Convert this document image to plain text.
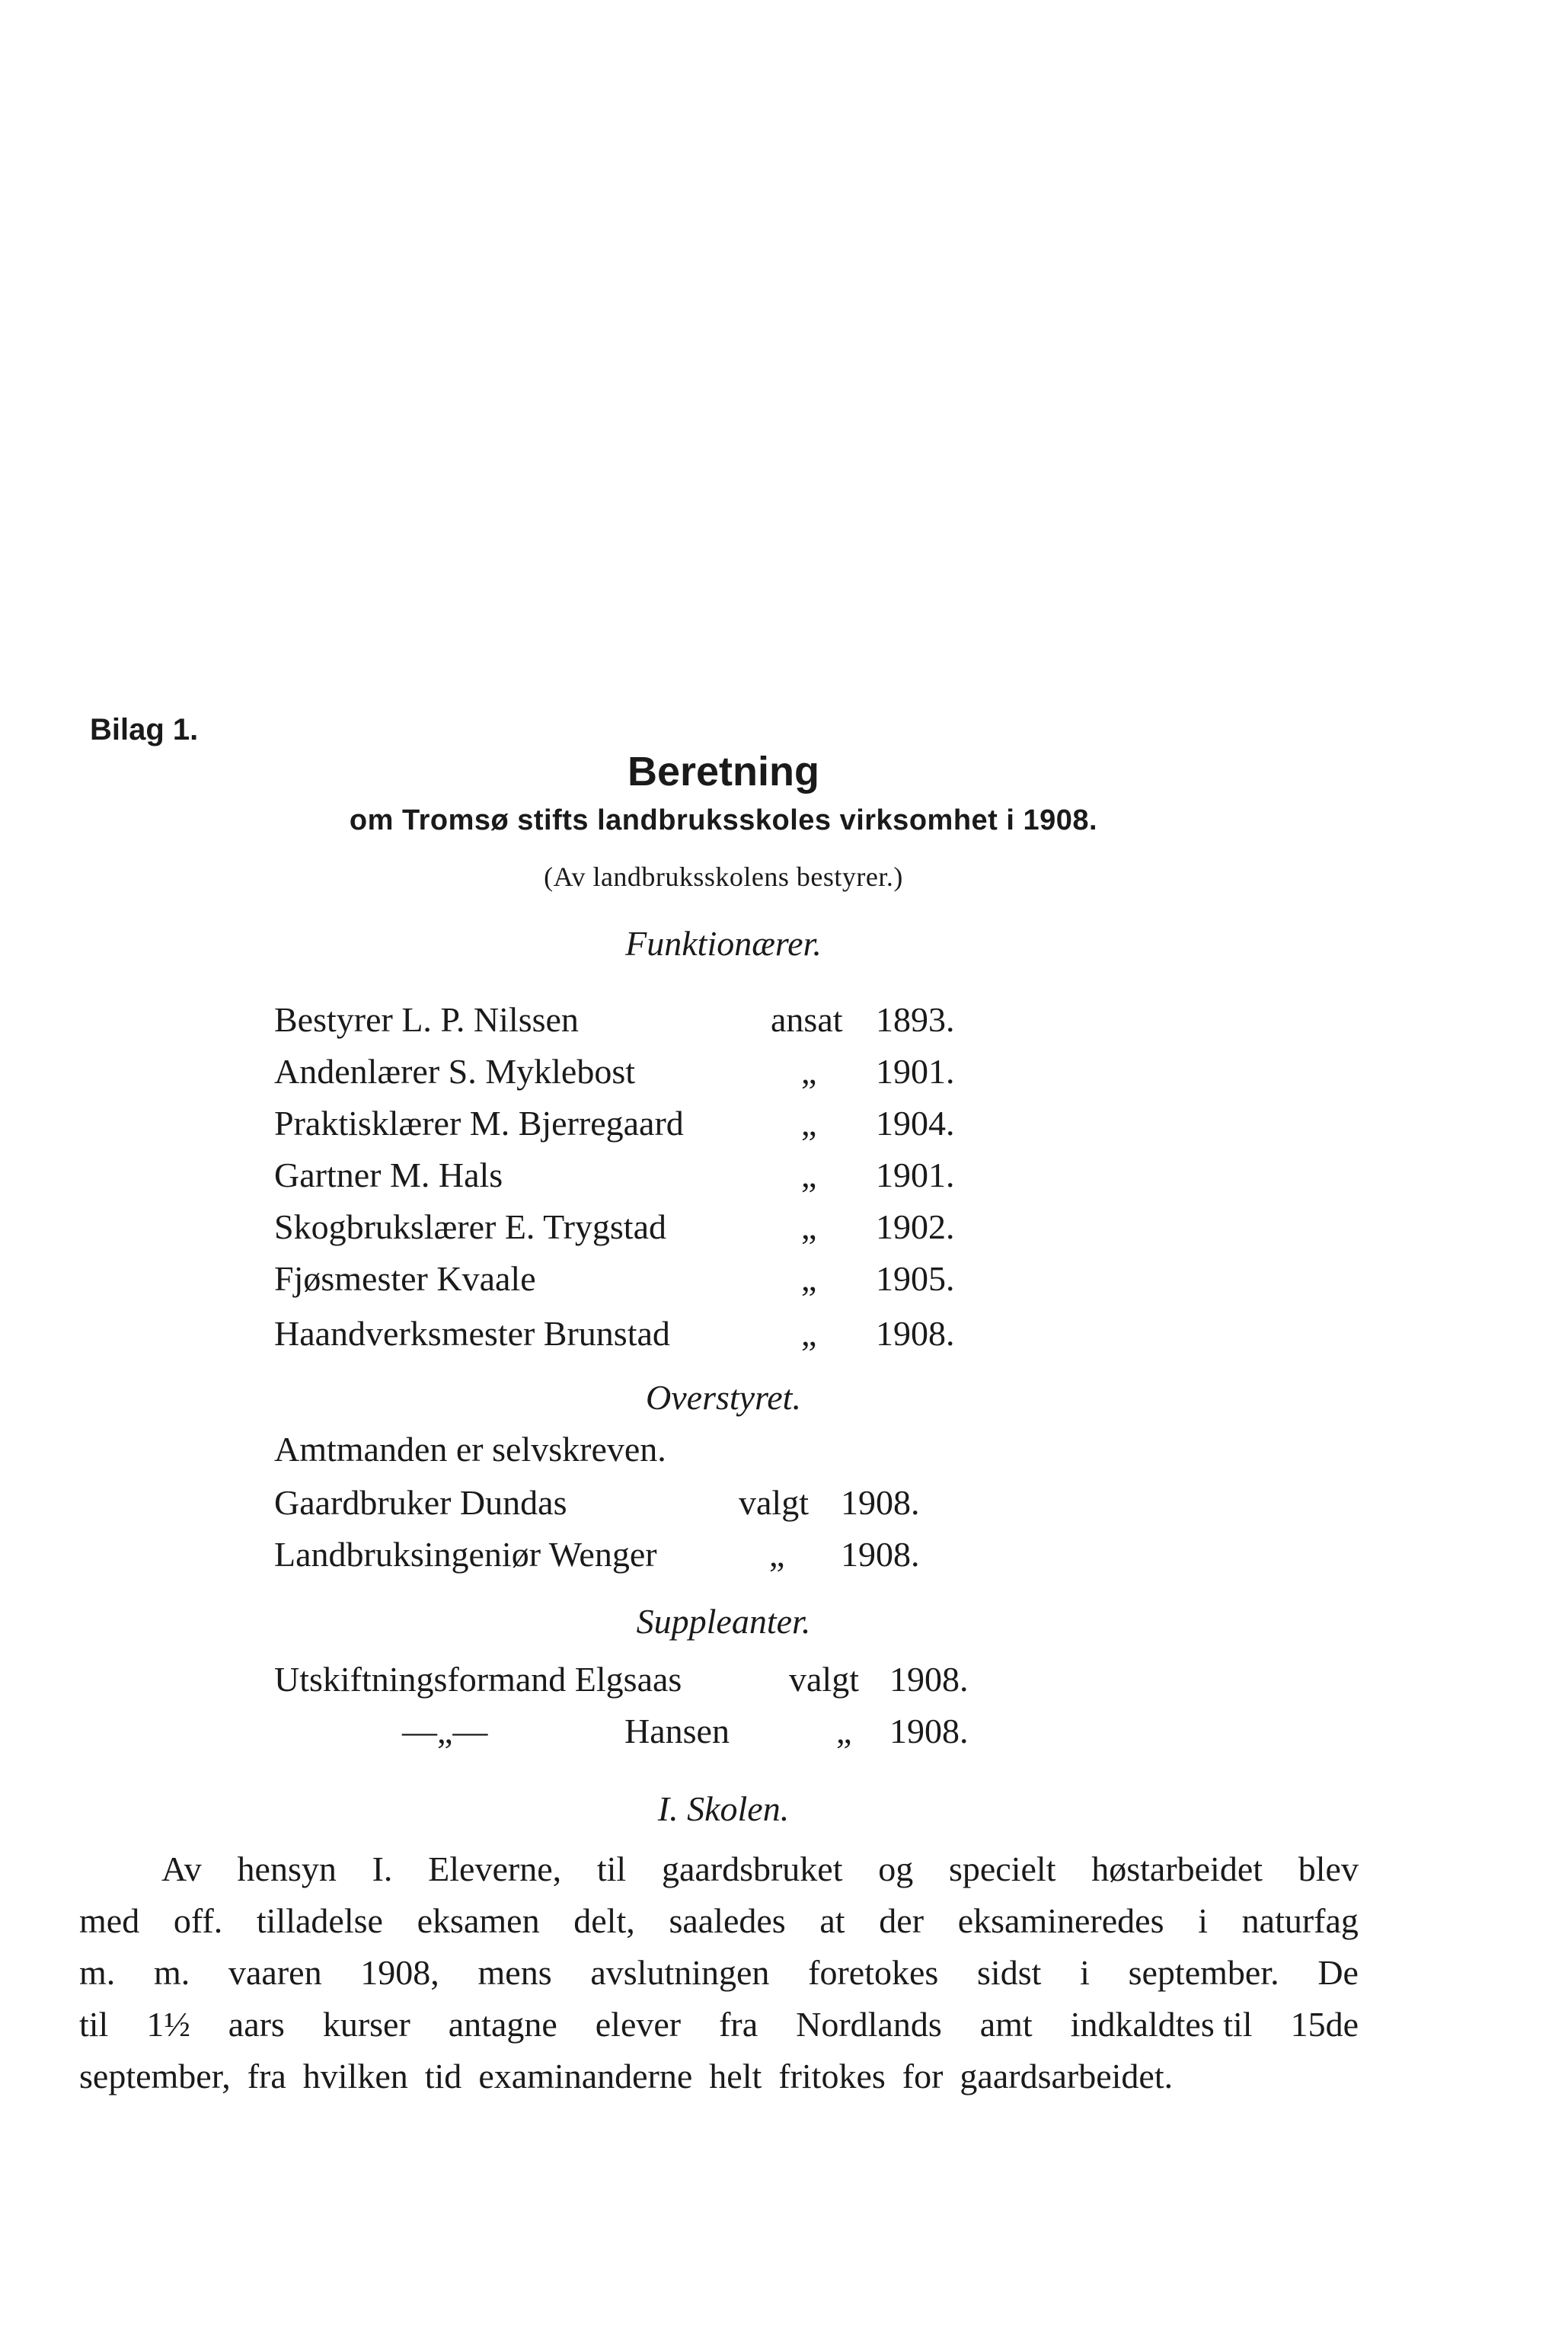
Bilag 1.
Beretning
om Tromsø stifts landbruksskoles virksomhet i 1908.
(Av landbruksskolens bestyrer.)
Funktionærer.
Bestyrer L. P. Nilssen	ansat 1893.
Andenlærer S. Myklebost	„ 1901.
Praktisklærer M. Bjerregaard	„ 1904.
Gartner M. Hals	„ 1901.
Skogbrukslærer E. Trygstad	„ 1902.
Fjøsmester Kvaale	„ 1905.
Haandverksmester Brunstad	„ 1908.
Overstyret.
Amtmanden er selvskreven.
Gaardbruker Dundas	valgt 1908.
Landbruksingeniør Wenger	„ 1908.
Suppleanter.
Utskiftningsformand Elgsaas	valgt 1908.
—„—	Hansen	„ 1908.
I. Skolen.
Av hensyn I. Eleverne, til gaardsbruket og specielt høstarbeidet blev
med off. tilladelse eksamen delt, saaledes at der eksamineredes i naturfag
m. m. vaaren 1908, mens avslutningen foretokes sidst i september. De
til 1½ aars kurser antagne elever fra Nordlands amt indkaldtes til 15de
september, fra hvilken tid examinanderne helt fritokes for gaardsarbeidet.
